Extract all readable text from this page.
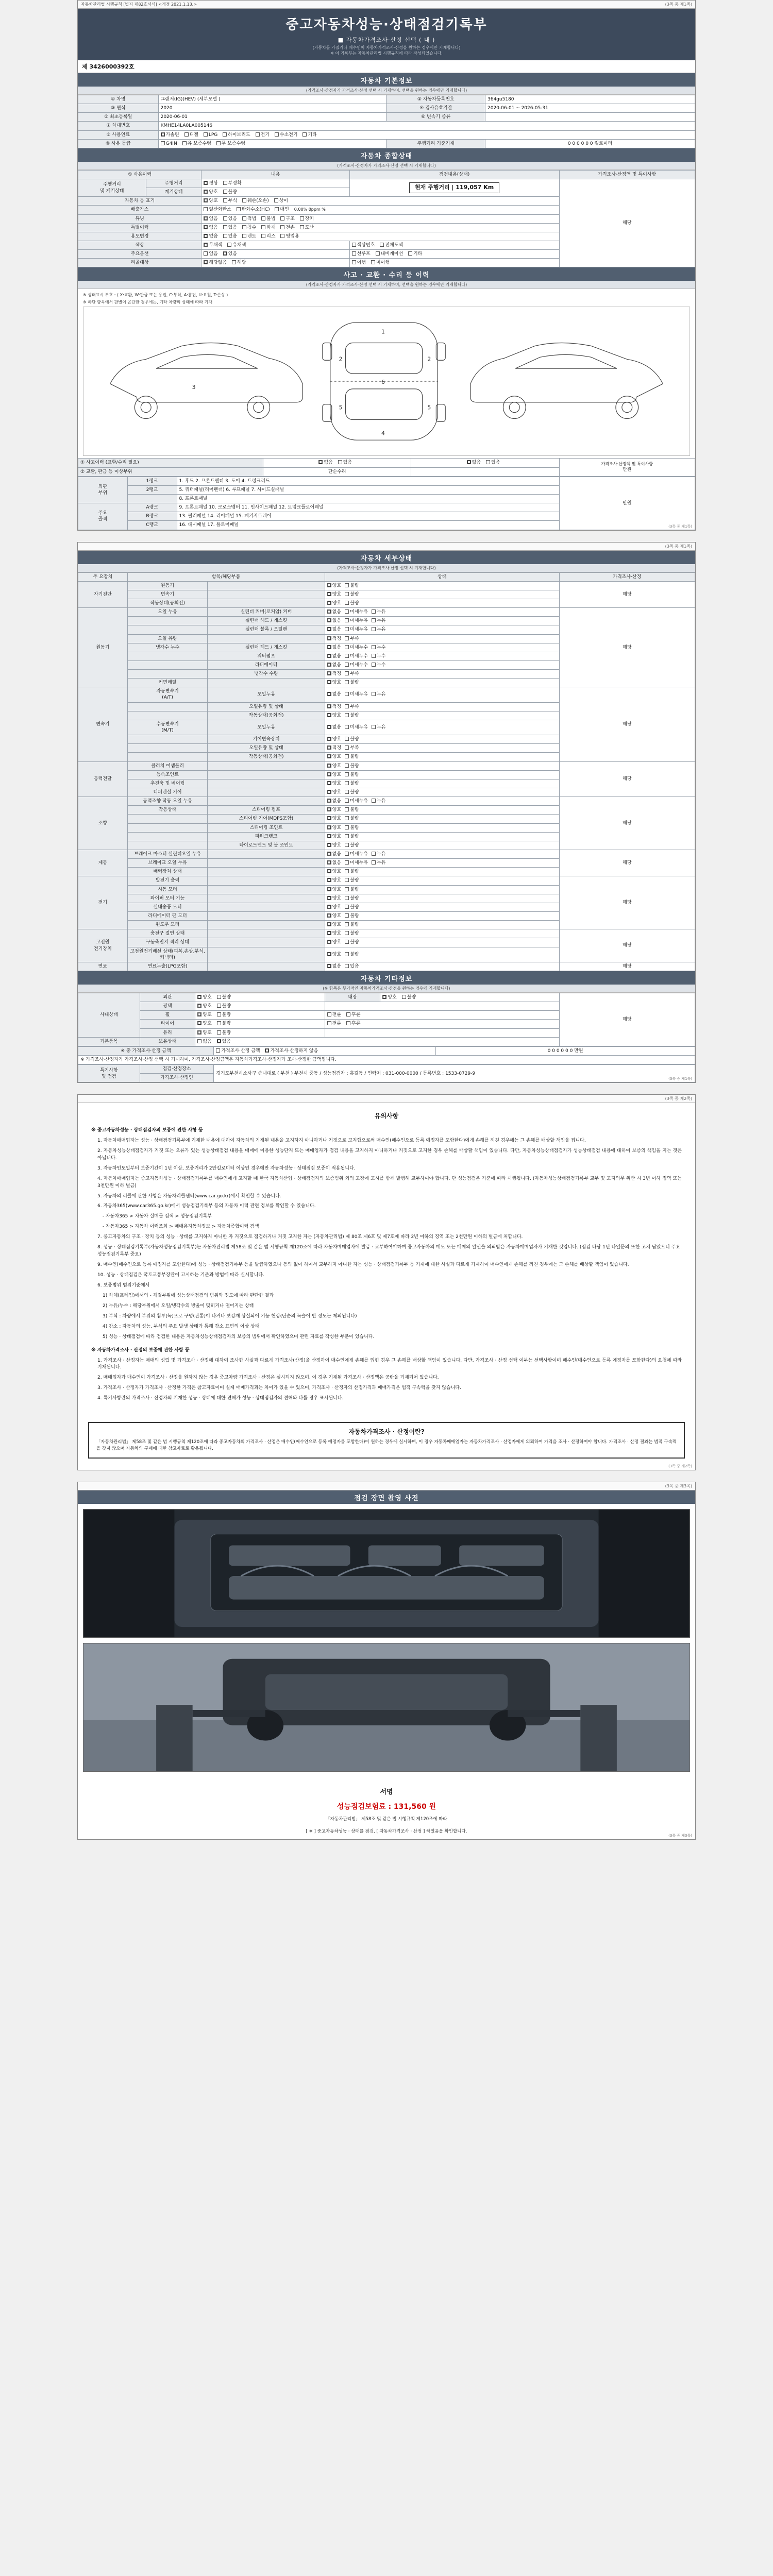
자동차관리법 시행규칙 [별지 제82호서식] <개정 2021.1.13.>	(3쪽 중 제1쪽)
중고자동차성능·상태점검기록부
■ 자동차가격조사·산정 선택 ( 내 )
(자동차를 가졌거나 매수인이 자동차가격조사·산정을 원하는 경우에만 기재합니다)
※ 이 기록부는 자동차관리법 시행규칙에 따라 작성되었습니다.
제 3426000392호
자동차 기본정보
(가격조사·산정자가 가격조사·산정 선택 시 기재하며, 선택을 원하는 경우에만 기재합니다)
① 차명	그랜저(IG)(HEV) (세부모델 )	② 자동차등록번호	364gu5180
③ 연식	2020	④ 검사유효기간	2020-06-01 ~ 2026-05-31
⑤ 최초등록일	2020-06-01	⑥ 변속기 종류	
⑦ 차대번호	KMHE14LA0LA005146		
⑧ 사용연료	가솔린 디젤 LPG 하이브리드 전기 수소전기 기타		
⑨ 사용 등급	G4IN 유 보증수령 무 보증수령	주행거리 기준기재	0 0 0 0 0 0 킬로미터
자동차 종합상태
(가격조사·산정자가 가격조사·산정 선택 시 기재합니다)
① 사용이력		내용	점검내용(상태)	가격조사·산정액 및 특이사항
주행거리
및 계기상태	주행거리	정상 부정확	현재 주행거리 | 119,057 Km	해당
	계기상태	양호 불량		
자동차 등 표기		양호 부식 훼손(오손) 상이		
배출가스		일산화탄소 탄화수소(HC) 매연 0.00% 0ppm %		
튜닝		없음 있음 적법 불법 구조 장치		
특별이력		없음 있음 침수 화재 전손 도난		
용도변경		없음 있음 렌트 리스 영업용		
색상		무채색 유채색	색상번호 전체도색	
주요옵션		없음 있음	선루프 내비게이션 기타	
리콜대상		해당없음 해당	이행 미이행	
사고 · 교환 · 수리 등 이력
(가격조사·산정자가 가격조사·산정 선택 시 기재하며, 선택을 원하는 경우에만 기재합니다)
※ 상태표시 부호 : ( X:교환, W:판금 또는 용접, C:부식, A:흠집, U:요철, T:손상 )
※ 하단 항목에서 판별이 곤란한 경우에는, 기타 차량의 상태에 따라 기재
1
2	2
6
5	5
4
3
① 사고이력 (교환/수리 필요)	없음 있음	없음 있음	가격조사·산정액 및 특이사항
만원

② 교환, 판금 등 이상부위	단순수리		
외판
부위	1랭크	1. 후드 2. 프론트펜더 3. 도어 4. 트렁크리드	만원
	2랭크	5. 쿼터패널(리어펜더) 6. 루프패널 7. 사이드실패널	
		8. 프론트패널	
주요
골격	A랭크	9. 프론트패널 10. 크로스멤버 11. 인사이드패널 12. 트렁크플로어패널	
	B랭크	13. 필러패널 14. 리어패널 15. 패키지트레이	
	C랭크	16. 대시패널 17. 플로어패널		(3쪽 중 제1쪽)
(3쪽 중 제1쪽)
자동차 세부상태
(가격조사·산정자가 가격조사·산정 선택 시 기재합니다)
주 요장치	항목/해당부품		상태	가격조사·산정
자기진단	원동기		양호 불량	해당
	변속기		양호 불량	
	작동상태(공회전)		양호 불량	
원동기	오일 누유	실린더 커버(로커암) 커버	없음 미세누유 누유	해당
		실린더 헤드 / 개스킷	없음 미세누유 누유	
		실린더 블록 / 오일팬	없음 미세누유 누유	
	오일 유량		적정 부족	
	냉각수 누수	실린더 헤드 / 개스킷	없음 미세누수 누수	
		워터펌프	없음 미세누수 누수	
		라디에이터	없음 미세누수 누수	
		냉각수 수량	적정 부족	
	커먼레일		양호 불량	
변속기	자동변속기
(A/T)	오일누유	없음 미세누유 누유	해당
		오일유량 및 상태	적정 부족	
		작동상태(공회전)	양호 불량	
	수동변속기
(M/T)	오일누유	없음 미세누유 누유	
		기어변속장치	양호 불량	
		오일유량 및 상태	적정 부족	
		작동상태(공회전)	양호 불량	
동력전달	클러치 어셈블리		양호 불량	해당
	등속조인트		양호 불량	
	추진축 및 베어링		양호 불량	
	디퍼렌셜 기어		양호 불량	
조향	동력조향 작동 오일 누유		없음 미세누유 누유	해당
	작동상태	스티어링 펌프	양호 불량	
		스티어링 기어(MDPS포함)	양호 불량	
		스티어링 조인트	양호 불량	
		파워크랭크	양호 불량	
		타이로드엔드 및 볼 조인트	양호 불량	
제동	브레이크 마스터 실린더오일 누유		없음 미세누유 누유	해당
	브레이크 오일 누유		없음 미세누유 누유	
	배력장치 상태		양호 불량	
전기	발전기 출력		양호 불량	해당
	시동 모터		양호 불량	
	와이퍼 모터 기능		양호 불량	
	실내송풍 모터		양호 불량	
	라디에이터 팬 모터		양호 불량	
	윈도우 모터		양호 불량	
고전원
전기장치	충전구 절연 상태		양호 불량	해당
	구동축전지 격리 상태		양호 불량	
	고전원전기배선 상태(피복,손상,부식,커넥터)		양호 불량	
연료	연료누출(LPG포함)		없음 있음	해당
자동차 기타정보
(※ 항목은 부가적인 자동차가격조사·산정을 원하는 경우에 기재합니다)
사내상태	외관	양호 불량	내장	양호 불량	해당
	광택	양호 불량			
	휠	양호 불량	전륜 후륜		
	타이어	양호 불량	전륜 후륜		
	유리	양호 불량			
기본품목	보유상태	없음 있음			
※ 총 가격조사·산정 금액	가격조사·산정 금액 가격조사·산정하지 않음	0 0 0 0 0 0 만원
※ 가격조사·산정자가 가격조사·산정 선택 시 기재하며, 가격조사·산정금액은 자동차가격조사·산정자가 조사·산정한 금액입니다.
특기사항
및 점검	점검·산정장소	경기도부천시소사구 송내대로 ( 부천 ) 부천시 중동 / 성능점검자 : 홍길동 / 연락처 : 031-000-0000 / 등록번호 : 1533-0729-9
가격조사·산정인	(3쪽 중 제1쪽)
(3쪽 중 제2쪽)
유의사항

※ 중고자동차성능 · 상태점검자의 보증에 관한 사항 등

1. 자동차매매업자는 성능 · 상태점검기록부에 기재한 내용에 대하여 자동차의 기재된 내용을 고지하지 아니하거나 거짓으로 고지했으로써 매수인(매수인으로 등록 예정자를 포함한다)에게 손해를 끼친 경우에는 그 손해를 배상할 책임을 집니다.

2. 자동차성능상태점검자가 거짓 또는 오류가 있는 성능상태점검 내용을 매매에 이용한 성능단지 또는 매매업자가 점검 내용을 고지하지 아니하거나 거짓으로 고지한 경우 손해를 배상할 책임이 있습니다. 다만, 자동차성능상태점검자가 성능상태점검 내용에 대하여 보증의 책임을 지는 것은 아닙니다.

3. 자동차인도일부터 보증기간이 1년 이상, 보증거리가 2만킬로미터 이상인 경우에만 자동차성능 · 상태점검 보증이 적용됩니다.

4. 자동차매매업자는 중고자동차성능 · 상태점검기록부를 매수인에게 고지할 때 한국 자동차산업 · 상태점검자의 보증범위 외의 고장에 고시를 함께 발행해 교부하여야 합니다. 단 성능점검은 기준에 따라 시행됩니다. (자동차성능상태점검기록부 교부 및 고지의무 위반 시 3년 이하 징역 또는 3천만원 이하 벌금)

5. 자동차의 리콜에 관한 사항은 자동차리콜센터(www.car.go.kr)에서 확인할 수 있습니다.

6. 자동차365(www.car365.go.kr)에서 성능점검기록부 등의 자동차 이력 관련 정보를 확인할 수 있습니다.

- 자동차365 > 자동차 실매물 검색 > 성능점검기록부

- 자동차365 > 자동차 이력조회 > 매매용자동차정보 > 자동차종합이력 검색

7. 중고자동차의 구조 · 장치 등의 성능 · 상태를 고지하지 아니한 자 거짓으로 점검하거나 거짓 고지한 자는 (자동차관리법) 제 80조 제6호 및 제7호에 따라 2년 이하의 징역 또는 2천만원 이하의 벌금에 처합니다.

8. 성능 · 상태점검기록부(자동차성능점검기록부)는 자동차관리법 제58조 및 같은 법 시행규칙 제120조에 따라 자동차매매업자에 발급 · 교부하여야하며 중고자동차의 매도 또는 매매의 알선을 의뢰받은 자동차매매업자가 기재한 것입니다. (점검 타당 1년 나열문의 또한 고지 남았으니 주요. 성능점검기록부 중요)

9. 매수인(매수인으로 등록 예정자를 포함한다)에 성능 · 상태점검기록부 등을 발급하였으나 동의 없이 하여서 교부하지 아니한 자는 성능 · 상태점검기록부 등 기재에 대한 사실과 다르게 기재하여 매수인에게 손해를 끼친 경우에는 그 손해를 배상할 책임이 있습니다.

10. 성능 · 상태점검은 국토교통부장관이 고시하는 기준과 방법에 따라 실시합니다.

6. 보증범위 범위기준에서

1) 차체(프레임)에서의 - 체결부위에 성능상태점검의 범위와 정도에 따라 판단한 결과

2) 누유/누수 : 해당부위에서 오일/냉각수의 방울이 맺히거나 떨어지는 상태

3) 부식 : 차량에서 부위의 침투(녹)으로 구멍(관통)이 나거나 보강재 상실되어 기능 현상(단순의 녹슬이 반 정도는 제외됩니다)

4) 감소 : 자동차의 성능, 부식의 주요 발생 상태가 통해 감소 표면의 이상 상태

5) 성능 · 상태점검에 따라 점검한 내용은 자동차성능상태점검자의 보증의 범위에서 확인하였으며 관련 자료를 작성한 부분이 있습니다.

※ 자동차가격조사 · 산정의 보증에 관한 사항 등

1. 가격조사 · 산정자는 매매의 성립 및 가격조사 · 산정에 대하여 조사한 사실과 다르게 가격조사(산정)을 산정하여 매수인에게 손해를 입힌 경우 그 손해를 배상할 책임이 있습니다. 다만, 가격조사 · 산정 선택 여부는 선택사항이며 매수인(매수인으로 등록 예정자를 포함한다)의 요청에 따라 기재됩니다.

2. 매매업자가 매수인이 가격조사 · 산정을 원하지 않는 경우 중고차량 가격조사 · 산정은 실시되지 않으며, 이 경우 기재된 가격조사 · 산정액은 공란을 기재되어 있습니다.

3. 가격조사 · 산정자가 가격조사 · 산정한 가격은 참고자료이며 실제 매매가격과는 차이가 있을 수 있으며, 가격조사 · 산정자의 산정가격과 매매가격은 법적 구속력을 갖지 않습니다.

4. 특기사항란의 가격조사 · 산정자의 기재한 성능 · 상태에 대한 견해가 성능 · 상태점검자의 견해와 다를 경우 표시됩니다.

자동차가격조사 · 산정이란?

「자동차관리법」 제58조 및 같은 법 시행규칙 제120조에 따라 중고자동차의 가격조사 · 산정은 매수인(매수인으로 등록 예정자를 포함한다)이 원하는 경우에 실시하며, 이 경우 자동차매매업자는 자동차가격조사 · 산정자에게 의뢰하여 가격을 조사 · 산정하여야 합니다. 가격조사 · 산정 결과는 법적 구속력을 갖지 않으며 자동차의 구매에 대한 참고자료로 활용됩니다.

(3쪽 중 제2쪽)
(3쪽 중 제3쪽)
점검 장면 촬영 사진
서명
성능점검보험료 : 131,560 원
「자동차관리법」 제58조 및 같은 법 시행규칙 제120조에 따라
[ ※ ] 중고자동차성능 · 상태를 점검, [ 자동차가격조사 · 산정 ] 하였음을 확인합니다.
(3쪽 중 제3쪽)
